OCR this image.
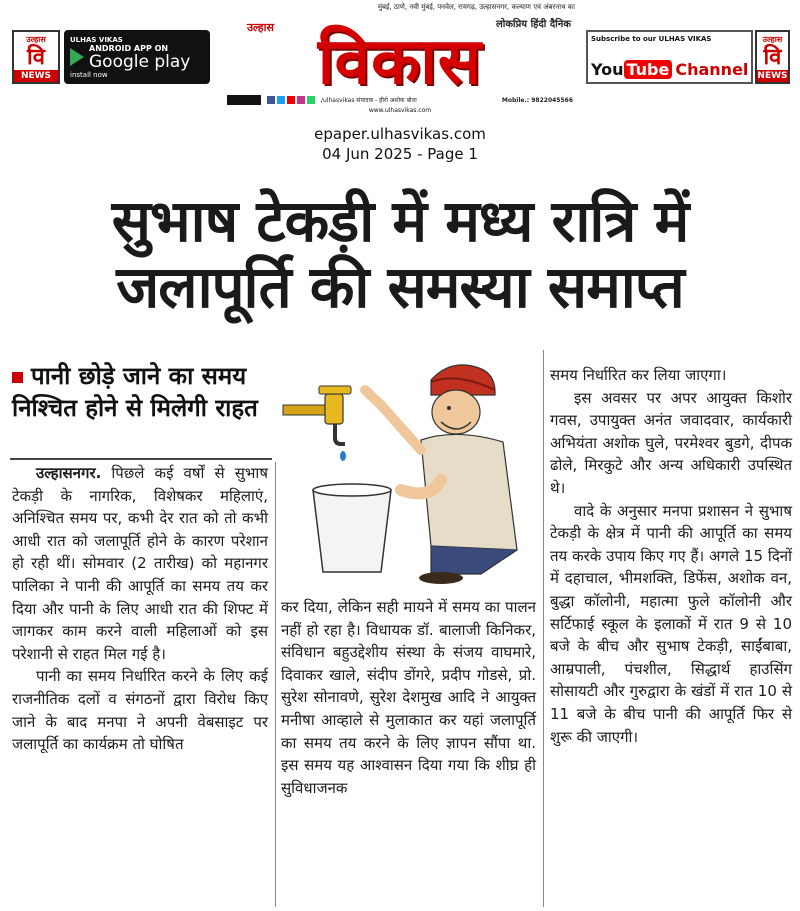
उल्हास
वि
NEWS
ULHAS VIKAS
ANDROID APP ON
Google play
install now
मुंबई, ठाणे, नवी मुंबई, पनवेल, रायगढ़, उल्हासनगर, कल्याण एवं अंबरनाथ का
लोकप्रिय हिंदी दैनिक
उल्हास विकास
/ulhasvikas संपादक - हीरो अशोक बोधा	Mobile.: 9822045566
www.ulhasvikas.com
Subscribe to our ULHAS VIKAS
You Tube Channel
उल्हास
वि
NEWS
epaper.ulhasvikas.com
04 Jun 2025 - Page 1
सुभाष टेकड़ी में मध्य रात्रि में
जलापूर्ति की समस्या समाप्त
पानी छोड़े जाने का समय निश्चित होने से मिलेगी राहत

उल्हासनगर. पिछले कई वर्षों से सुभाष टेकड़ी के नागरिक, विशेषकर महिलाएं, अनिश्चित समय पर, कभी देर रात को तो कभी आधी रात को जलापूर्ति होने के कारण परेशान हो रही थीं। सोमवार (2 तारीख) को महानगर पालिका ने पानी की आपूर्ति का समय तय कर दिया और पानी के लिए आधी रात की शिफ्ट में जागकर काम करने वाली महिलाओं को इस परेशानी से राहत मिल गई है।

पानी का समय निर्धारित करने के लिए कई राजनीतिक दलों व संगठनों द्वारा विरोध किए जाने के बाद मनपा ने अपनी वेबसाइट पर जलापूर्ति का कार्यक्रम तो घोषित

कर दिया, लेकिन सही मायने में समय का पालन नहीं हो रहा है। विधायक डॉ. बालाजी किनिकर, संविधान बहुउद्देशीय संस्था के संजय वाघमारे, दिवाकर खाले, संदीप डोंगरे, प्रदीप गोडसे, प्रो. सुरेश सोनावणे, सुरेश देशमुख आदि ने आयुक्त मनीषा आव्हाले से मुलाकात कर यहां जलापूर्ति का समय तय करने के लिए ज्ञापन सौंपा था. इस समय यह आश्वासन दिया गया कि शीघ्र ही सुविधाजनक

समय निर्धारित कर लिया जाएगा।

इस अवसर पर अपर आयुक्त किशोर गवस, उपायुक्त अनंत जवादवार, कार्यकारी अभियंता अशोक घुले, परमेश्वर बुडगे, दीपक ढोले, मिरकुटे और अन्य अधिकारी उपस्थित थे।

वादे के अनुसार मनपा प्रशासन ने सुभाष टेकड़ी के क्षेत्र में पानी की आपूर्ति का समय तय करके उपाय किए गए हैं। अगले 15 दिनों में दहाचाल, भीमशक्ति, डिफेंस, अशोक वन, बुद्धा कॉलोनी, महात्मा फुले कॉलोनी और सर्टिफाई स्कूल के इलाकों में रात 9 से 10 बजे के बीच और सुभाष टेकड़ी, साईंबाबा, आम्रपाली, पंचशील, सिद्धार्थ हाउसिंग सोसायटी और गुरुद्वारा के खंडों में रात 10 से 11 बजे के बीच पानी की आपूर्ति फिर से शुरू की जाएगी।
